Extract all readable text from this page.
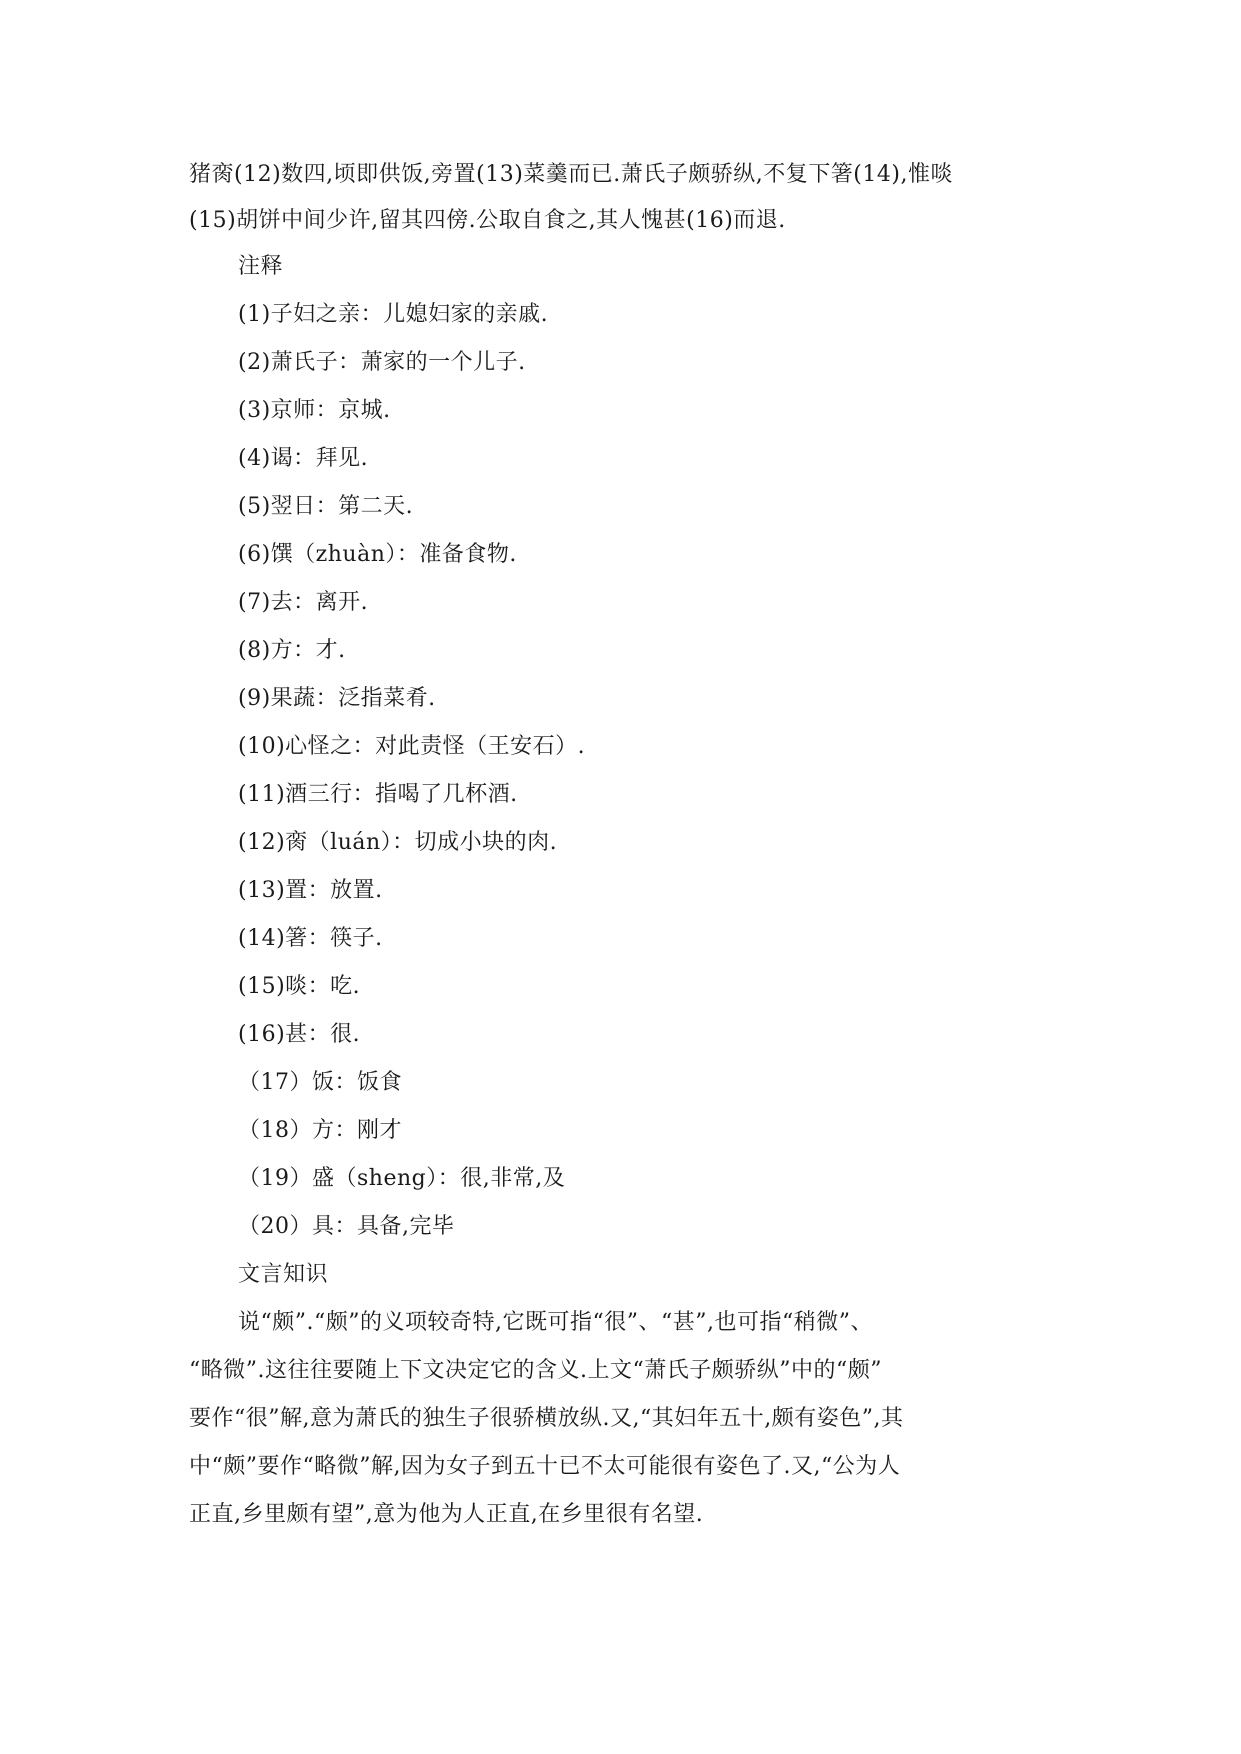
猪脔(12)数四,顷即供饭,旁置(13)菜羹而已.萧氏子颇骄纵,不复下箸(14),惟啖
(15)胡饼中间少许,留其四傍.公取自食之,其人愧甚(16)而退.
注释
(1)子妇之亲：儿媳妇家的亲戚.
(2)萧氏子：萧家的一个儿子.
(3)京师：京城.
(4)谒：拜见.
(5)翌日：第二天.
(6)馔（zhuàn）：准备食物.
(7)去：离开.
(8)方：才.
(9)果蔬：泛指菜肴.
(10)心怪之：对此责怪（王安石）.
(11)酒三行：指喝了几杯酒.
(12)脔（luán）：切成小块的肉.
(13)置：放置.
(14)箸：筷子.
(15)啖：吃.
(16)甚：很.
（17）饭：饭食
（18）方：刚才
（19）盛（sheng）：很,非常,及
（20）具：具备,完毕
文言知识
说“颇”.“颇”的义项较奇特,它既可指“很”、“甚”,也可指“稍微”、
“略微”.这往往要随上下文决定它的含义.上文“萧氏子颇骄纵”中的“颇”
要作“很”解,意为萧氏的独生子很骄横放纵.又,“其妇年五十,颇有姿色”,其
中“颇”要作“略微”解,因为女子到五十已不太可能很有姿色了.又,“公为人
正直,乡里颇有望”,意为他为人正直,在乡里很有名望.
